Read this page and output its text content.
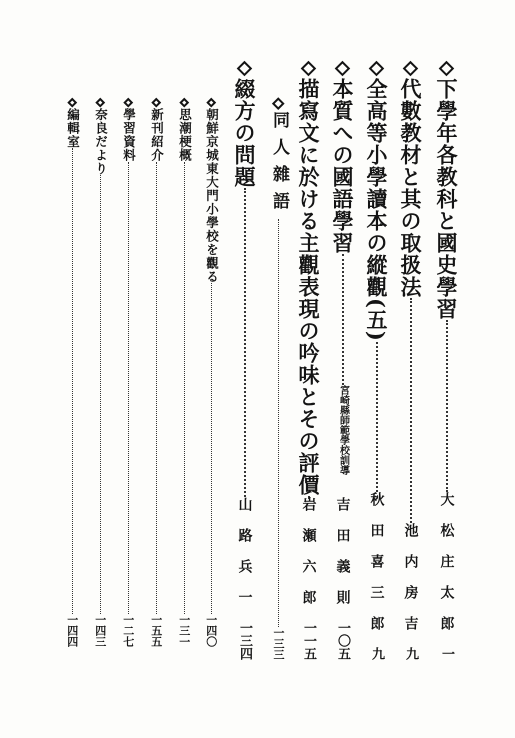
下學年各教科と國史學習
大松庄太郎
一
代數教材と其の取扱法
池内房吉
九
全高等小學讀本の縱觀(五)
秋田喜三郎
九
本質への國語學習
宮崎縣師範學校訓導
吉田義則
一〇五
描寫文に於ける主觀表現の吟味とその評價
岩瀬六郎
一一五
同人雜語
一三三
綴方の問題
山路兵一
一三四
朝鮮京城東大門小學校を觀る
一四〇
思潮梗概
一三一
新刊紹介
一五五
學習資料
一二七
奈良だより
一四三
編輯室
一四四
